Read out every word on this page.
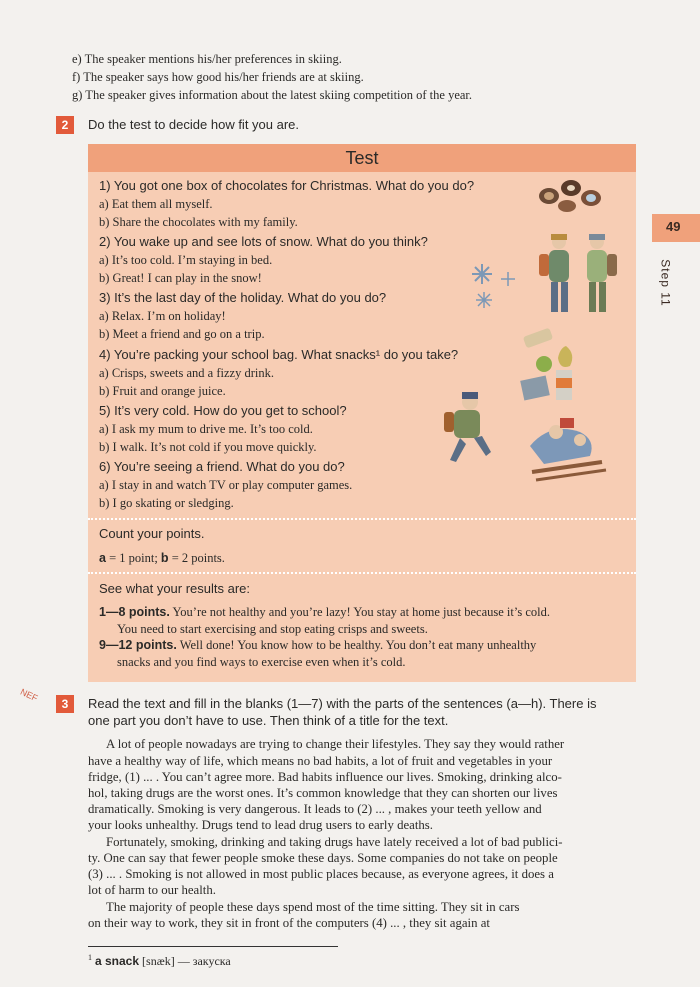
e) The speaker mentions his/her preferences in skiing.
f) The speaker says how good his/her friends are at skiing.
g) The speaker gives information about the latest skiing competition of the year.
2	Do the test to decide how fit you are.
Test
1) You got one box of chocolates for Christmas. What do you do?
a) Eat them all myself.
b) Share the chocolates with my family.
2) You wake up and see lots of snow. What do you think?
a) It’s too cold. I’m staying in bed.
b) Great! I can play in the snow!
3) It’s the last day of the holiday. What do you do?
a) Relax. I’m on holiday!
b) Meet a friend and go on a trip.
4) You’re packing your school bag. What snacks¹ do you take?
a) Crisps, sweets and a fizzy drink.
b) Fruit and orange juice.
5) It’s very cold. How do you get to school?
a) I ask my mum to drive me. It’s too cold.
b) I walk. It’s not cold if you move quickly.
6) You’re seeing a friend. What do you do?
a) I stay in and watch TV or play computer games.
b) I go skating or sledging.
Count your points.
a = 1 point; b = 2 points.
See what your results are:
1—8 points. You’re not healthy and you’re lazy! You stay at home just because it’s cold.
You need to start exercising and stop eating crisps and sweets.
9—12 points. Well done! You know how to be healthy. You don’t eat many unhealthy
snacks and you find ways to exercise even when it’s cold.
49
Step 11
NEF
3	Read the text and fill in the blanks (1—7) with the parts of the sentences (a—h). There is
one part you don’t have to use. Then think of a title for the text.
A lot of people nowadays are trying to change their lifestyles. They say they would rather
have a healthy way of life, which means no bad habits, a lot of fruit and vegetables in your
fridge, (1) ... . You can’t agree more. Bad habits influence our lives. Smoking, drinking alco-
hol, taking drugs are the worst ones. It’s common knowledge that they can shorten our lives
dramatically. Smoking is very dangerous. It leads to (2) ... , makes your teeth yellow and
your looks unhealthy. Drugs tend to lead drug users to early deaths.
Fortunately, smoking, drinking and taking drugs have lately received a lot of bad publici-
ty. One can say that fewer people smoke these days. Some companies do not take on people
(3) ... . Smoking is not allowed in most public places because, as everyone agrees, it does a
lot of harm to our health.
The majority of people these days spend most of the time sitting. They sit in cars
on their way to work, they sit in front of the computers (4) ... , they sit again at
$^1$ a snack [snæk] — закуска
